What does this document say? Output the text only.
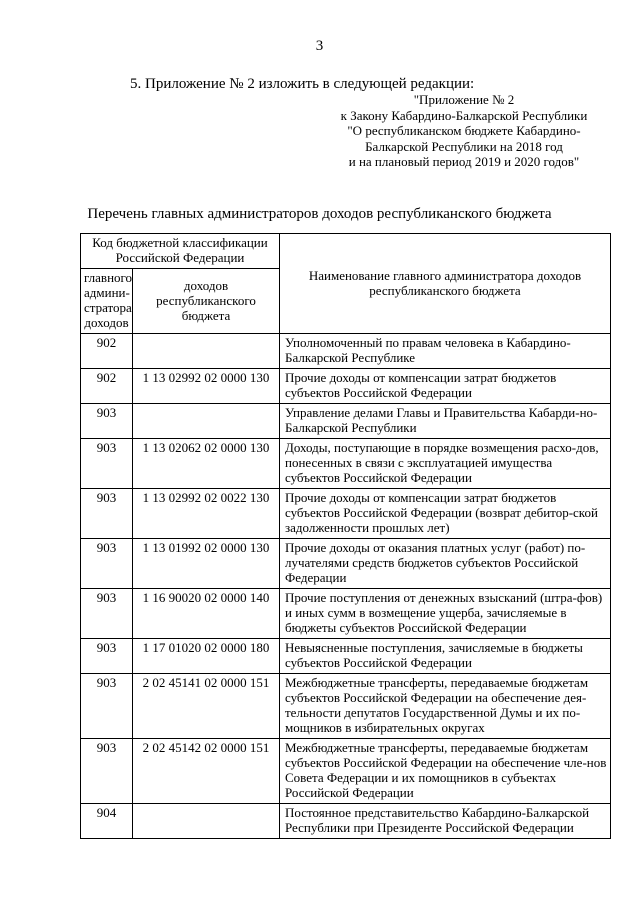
3
5. Приложение № 2 изложить в следующей редакции:
"Приложение № 2
к Закону Кабардино-Балкарской Республики
"О республиканском бюджете Кабардино-
Балкарской Республики на 2018 год
и на плановый период 2019 и 2020 годов"
Перечень главных администраторов доходов республиканского бюджета
Код бюджетной классификации Российской Федерации		Наименование главного администратора доходов республиканского бюджета
главного админи-стратора доходов	доходов республиканского бюджета	
902		Уполномоченный по правам человека в Кабардино-Балкарской Республике
902	1 13 02992 02 0000 130	Прочие доходы от компенсации затрат бюджетов субъектов Российской Федерации
903		Управление делами Главы и Правительства Кабарди-но-Балкарской Республики
903	1 13 02062 02 0000 130	Доходы, поступающие в порядке возмещения расхо-дов, понесенных в связи с эксплуатацией имущества субъектов Российской Федерации
903	1 13 02992 02 0022 130	Прочие доходы от компенсации затрат бюджетов субъектов Российской Федерации (возврат дебитор-ской задолженности прошлых лет)
903	1 13 01992 02 0000 130	Прочие доходы от оказания платных услуг (работ) по-лучателями средств бюджетов субъектов Российской Федерации
903	1 16 90020 02 0000 140	Прочие поступления от денежных взысканий (штра-фов) и иных сумм в возмещение ущерба, зачисляемые в бюджеты субъектов Российской Федерации
903	1 17 01020 02 0000 180	Невыясненные поступления, зачисляемые в бюджеты субъектов Российской Федерации
903	2 02 45141 02 0000 151	Межбюджетные трансферты, передаваемые бюджетам субъектов Российской Федерации на обеспечение дея-тельности депутатов Государственной Думы и их по-мощников в избирательных округах
903	2 02 45142 02 0000 151	Межбюджетные трансферты, передаваемые бюджетам субъектов Российской Федерации на обеспечение чле-нов Совета Федерации и их помощников в субъектах Российской Федерации
904		Постоянное представительство Кабардино-Балкарской Республики при Президенте Российской Федерации
